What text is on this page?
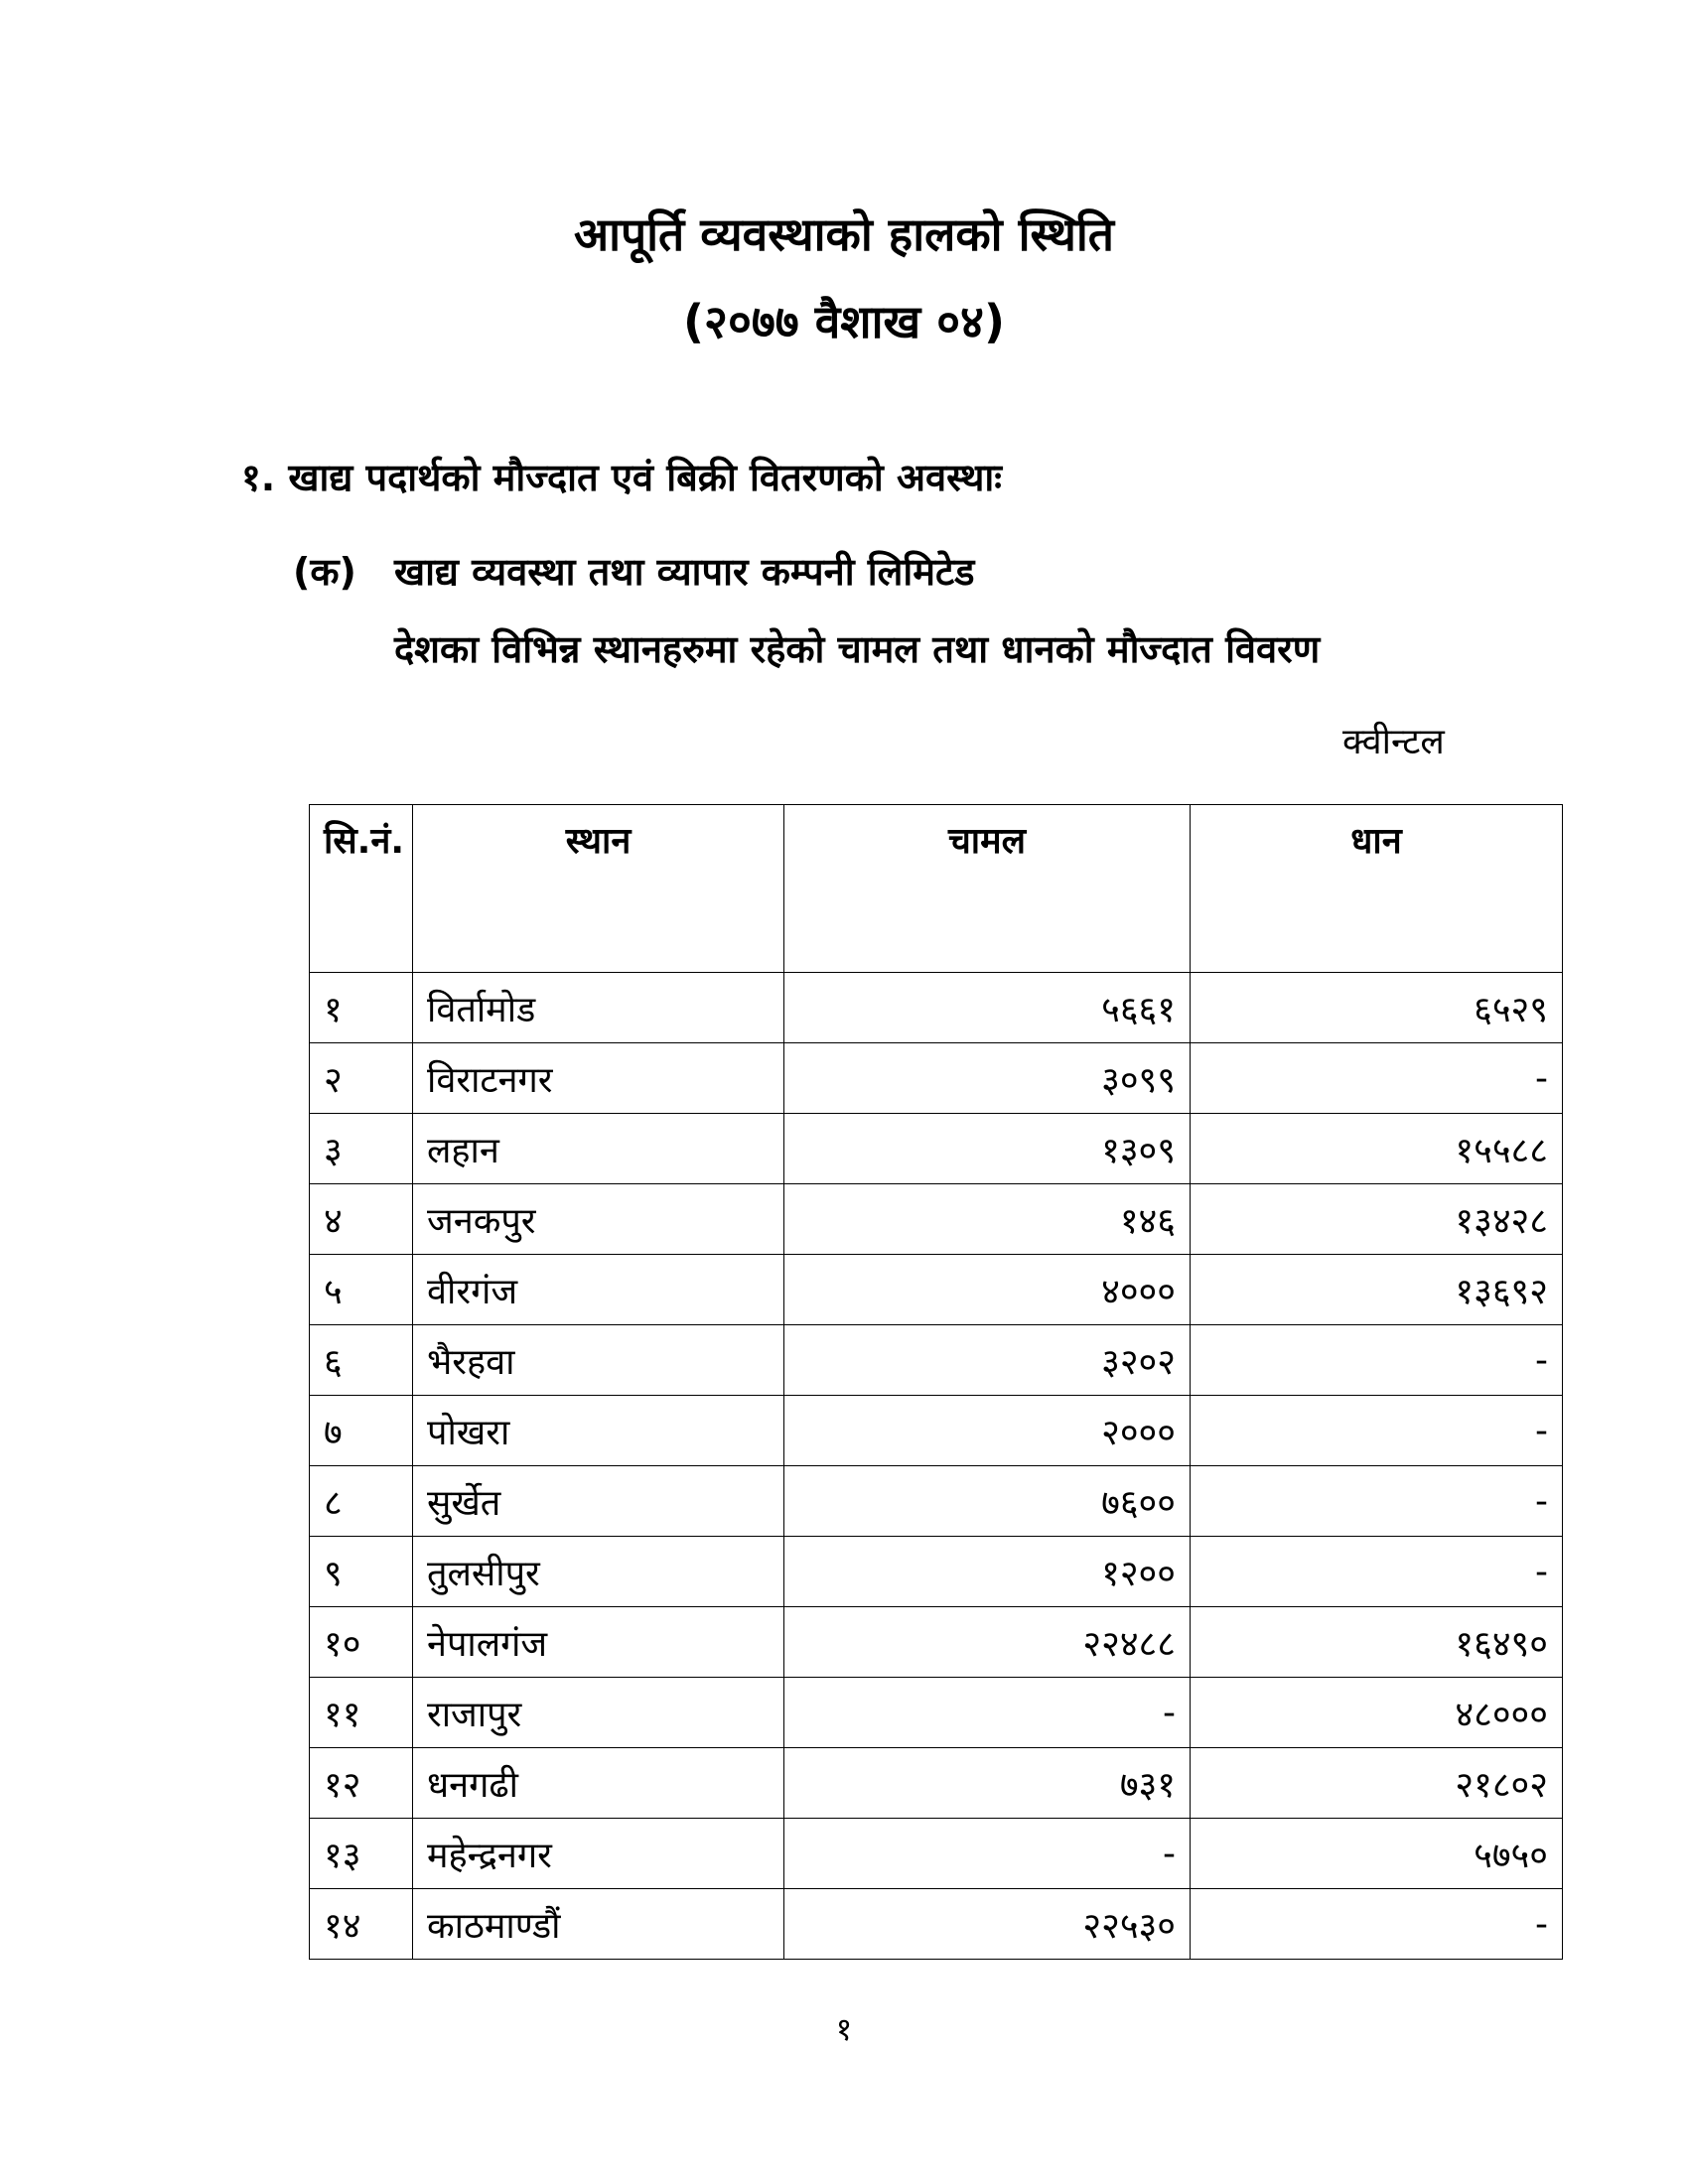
आपूर्ति व्यवस्थाको हालको स्थिति
(२०७७ वैशाख ०४)
१. खाद्य पदार्थको मौज्दात एवं बिक्री वितरणको अवस्थाः
(क) खाद्य व्यवस्था तथा व्यापार कम्पनी लिमिटेड
देशका विभिन्न स्थानहरुमा रहेको चामल तथा धानको मौज्दात विवरण
क्वीन्टल
सि.नं.	स्थान	चामल	धान
१	विर्तामोड	५६६१	६५२९
२	विराटनगर	३०९९	-
३	लहान	१३०९	१५५८८
४	जनकपुर	१४६	१३४२८
५	वीरगंज	४०००	१३६९२
६	भैरहवा	३२०२	-
७	पोखरा	२०००	-
८	सुर्खेत	७६००	-
९	तुलसीपुर	१२००	-
१०	नेपालगंज	२२४८८	१६४९०
११	राजापुर	-	४८०००
१२	धनगढी	७३१	२१८०२
१३	महेन्द्रनगर	-	५७५०
१४	काठमाण्डौं	२२५३०	-
१
